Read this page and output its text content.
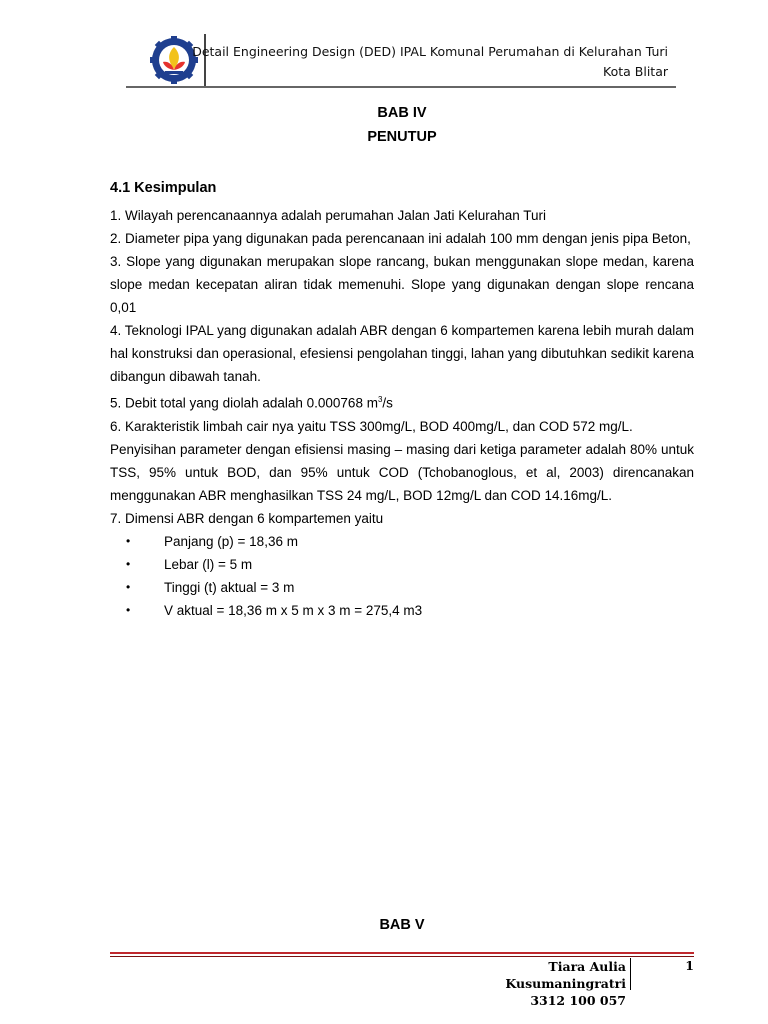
Detail Engineering Design (DED) IPAL Komunal Perumahan di Kelurahan Turi
Kota Blitar
BAB IV
PENUTUP
4.1 Kesimpulan

1. Wilayah perencanaannya adalah perumahan Jalan Jati Kelurahan Turi

2. Diameter pipa yang digunakan pada perencanaan ini adalah 100 mm dengan jenis pipa Beton,

3. Slope yang digunakan merupakan slope rancang, bukan menggunakan slope medan, karena slope medan kecepatan aliran tidak memenuhi. Slope yang digunakan dengan slope rencana 0,01

4. Teknologi IPAL yang digunakan adalah ABR dengan 6 kompartemen karena lebih murah dalam hal konstruksi dan operasional, efesiensi pengolahan tinggi, lahan yang dibutuhkan sedikit karena dibangun dibawah tanah.

5. Debit total yang diolah adalah 0.000768 $m^3/s$

6. Karakteristik limbah cair nya yaitu TSS 300mg/L, BOD 400mg/L, dan COD 572 mg/L.

Penyisihan parameter dengan efisiensi masing – masing dari ketiga parameter adalah 80% untuk TSS, 95% untuk BOD, dan 95% untuk COD (Tchobanoglous, et al, 2003) direncanakan menggunakan ABR menghasilkan TSS 24 mg/L, BOD 12mg/L dan COD 14.16mg/L.

7. Dimensi ABR dengan 6 kompartemen yaitu

•	Panjang (p) = 18,36 m
•	Lebar (l) = 5 m
•	Tinggi (t) aktual = 3 m
•	V aktual = 18,36 m x 5 m x 3 m = 275,4 m3
BAB V
Tiara Aulia Kusumaningratri
3312 100 057
1
